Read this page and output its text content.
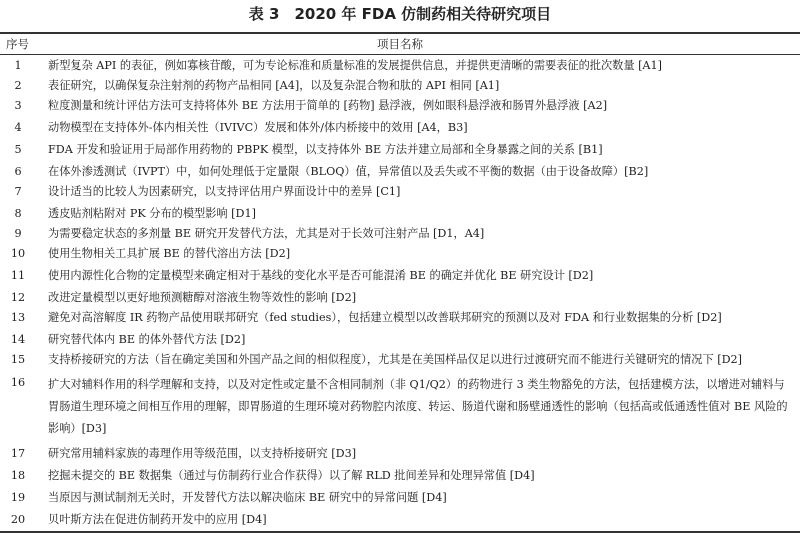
表 3　2020 年 FDA 仿制药相关待研究项目
序号	项目名称
1	新型复杂 API 的表征，例如寡核苷酸，可为专论标准和质量标准的发展提供信息，并提供更清晰的需要表征的批次数量 [A1]
2	表征研究，以确保复杂注射剂的药物产品相同 [A4]，以及复杂混合物和肽的 API 相同 [A1]
3	粒度测量和统计评估方法可支持将体外 BE 方法用于简单的 [药物] 悬浮液，例如眼科悬浮液和肠胃外悬浮液 [A2]
4	动物模型在支持体外-体内相关性（IVIVC）发展和体外/体内桥接中的效用 [A4，B3]
5	FDA 开发和验证用于局部作用药物的 PBPK 模型，以支持体外 BE 方法并建立局部和全身暴露之间的关系 [B1]
6	在体外渗透测试（IVPT）中，如何处理低于定量限（BLOQ）值，异常值以及丢失或不平衡的数据（由于设备故障）[B2]
7	设计适当的比较人为因素研究，以支持评估用户界面设计中的差异 [C1]
8	透皮贴剂粘附对 PK 分布的模型影响 [D1]
9	为需要稳定状态的多剂量 BE 研究开发替代方法，尤其是对于长效可注射产品 [D1，A4]
10	使用生物相关工具扩展 BE 的替代溶出方法 [D2]
11	使用内源性化合物的定量模型来确定相对于基线的变化水平是否可能混淆 BE 的确定并优化 BE 研究设计 [D2]
12	改进定量模型以更好地预测糖醇对溶液生物等效性的影响 [D2]
13	避免对高溶解度 IR 药物产品使用联邦研究（fed studies），包括建立模型以改善联邦研究的预测以及对 FDA 和行业数据集的分析 [D2]
14	研究替代体内 BE 的体外替代方法 [D2]
15	支持桥接研究的方法（旨在确定美国和外国产品之间的相似程度），尤其是在美国样品仅足以进行过渡研究而不能进行关键研究的情况下 [D2]
16	扩大对辅料作用的科学理解和支持，以及对定性或定量不含相同制剂（非 Q1/Q2）的药物进行 3 类生物豁免的方法，包括建模方法，以增进对辅料与胃肠道生理环境之间相互作用的理解，即胃肠道的生理环境对药物腔内浓度、转运、肠道代谢和肠壁通透性的影响（包括高或低通透性值对 BE 风险的影响）[D3]
17	研究常用辅料家族的毒理作用等级范围，以支持桥接研究 [D3]
18	挖掘未提交的 BE 数据集（通过与仿制药行业合作获得）以了解 RLD 批间差异和处理异常值 [D4]
19	当原因与测试制剂无关时，开发替代方法以解决临床 BE 研究中的异常问题 [D4]
20	贝叶斯方法在促进仿制药开发中的应用 [D4]
